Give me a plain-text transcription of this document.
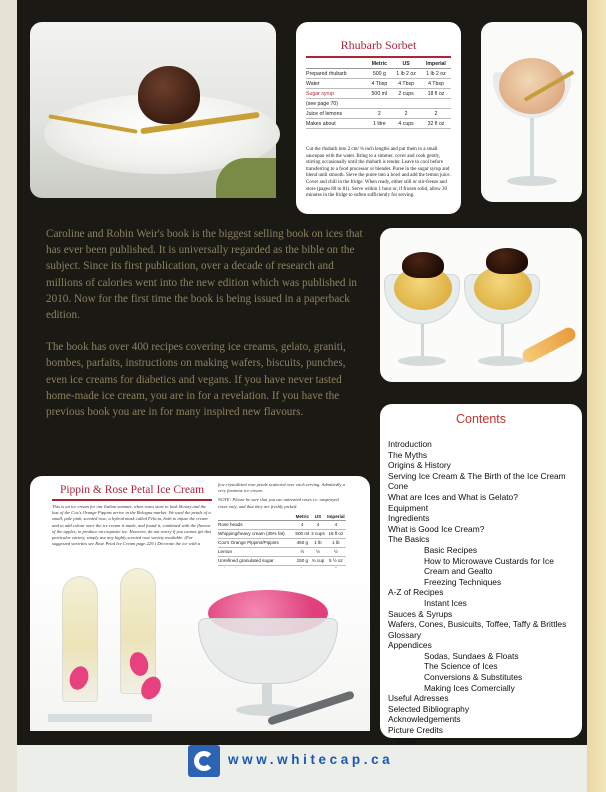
Rhubarb Sorbet
	Metric	US	Imperial
Prepared rhubarb	500 g	1 lb 2 oz	1 lb 2 oz
Water	4 Tbsp	4 Tbsp	4 Tbsp
Sugar syrup	500 ml	2 cups	18 fl oz
(see page 70)			
Juice of lemons	2	2	2
Makes about	1 litre	4 cups	32 fl oz
Cut the rhubarb into 2 cm/ ¾ inch lengths and put them in a small saucepan with the water. Bring to a simmer, cover and cook gently, stirring occasionally until the rhubarb is tender. Leave to cool before transferring to a food processor or blender. Puree in the sugar syrup and blend until smooth. Sieve the puree into a bowl and add the lemon juice. Cover and chill in the fridge. When ready, either still or stir-freeze and store (pages 80 to 81). Serve within 1 hour or, if frozen solid, allow 30 minutes in the fridge to soften sufficiently for serving.

Caroline and Robin Weir's book is the biggest selling book on ices that has ever been published. It is universally regarded as the bible on the subject. Since its first publication, over a decade of research and millions of calories went into the new edition which was published in 2010. Now for the first time the book is being issued in a paperback edition.

The book has over 400 recipes covering ice creams, gelato, graniti, bombes, parfaits, instructions on making wafers, biscuits, punches, even ice creams for diabetics and vegans. If you have never tasted home-made ice cream, you are in for a revelation. If you have the previous book you are in for many inspired new flavours.

Pippin & Rose Petal Ice Cream
This is an ice cream for our Italian summer, when roses start to look blowzy and the last of the Cox's Orange Pippins arrive in the Bologna market. We used the petals of a small, pale pink, scented rose, a hybrid musk called Felicia, both to infuse the cream and to add colour once the ice cream is made, and found it, combined with the flavour of the apples, to produce an exquisite ice. However, do not worry if you cannot get this particular variety, simply use any highly scented rose variety available. (For suggested varieties see Rose Petal Ice Cream page 229.) Decorate the ice with a
few crystallized rose petals scattered over each serving. Admittedly a very feminine ice cream.
NOTE: Please be sure that you use untreated roses i.e. unsprayed roses only, and that they are freshly picked.
	Metric	US	Imperial
Rose heads	4	4	4
Whipping/heavy cream (35% fat)	500 ml	2 cups	18 fl oz
Cox's Orange Pippins/Pippins	450 g	1 lb	1 lb
Lemon	½	½	½
Unrefined granulated sugar	150 g	¾ cup	5 ½ oz

Contents
Introduction
The Myths
Origins & History
Serving Ice Cream & The Birth of the Ice Cream Cone
What are Ices and What is Gelato?
Equipment
Ingredients
What is Good Ice Cream?
The Basics
Basic Recipes
How to Microwave Custards for Ice Cream and Gealto
Freezing Techniques
A-Z of Recipes
Instant Ices
Sauces & Syrups
Wafers, Cones, Busicuits, Toffee, Taffy & Brittles
Glossary
Appendices
Sodas, Sundaes & Floats
The Science of Ices
Conversions & Substitutes
Making Ices Comercially
Useful Adresses
Selected Bibliography
Acknowledgements
Picture Credits
Index
www.whitecap.ca
